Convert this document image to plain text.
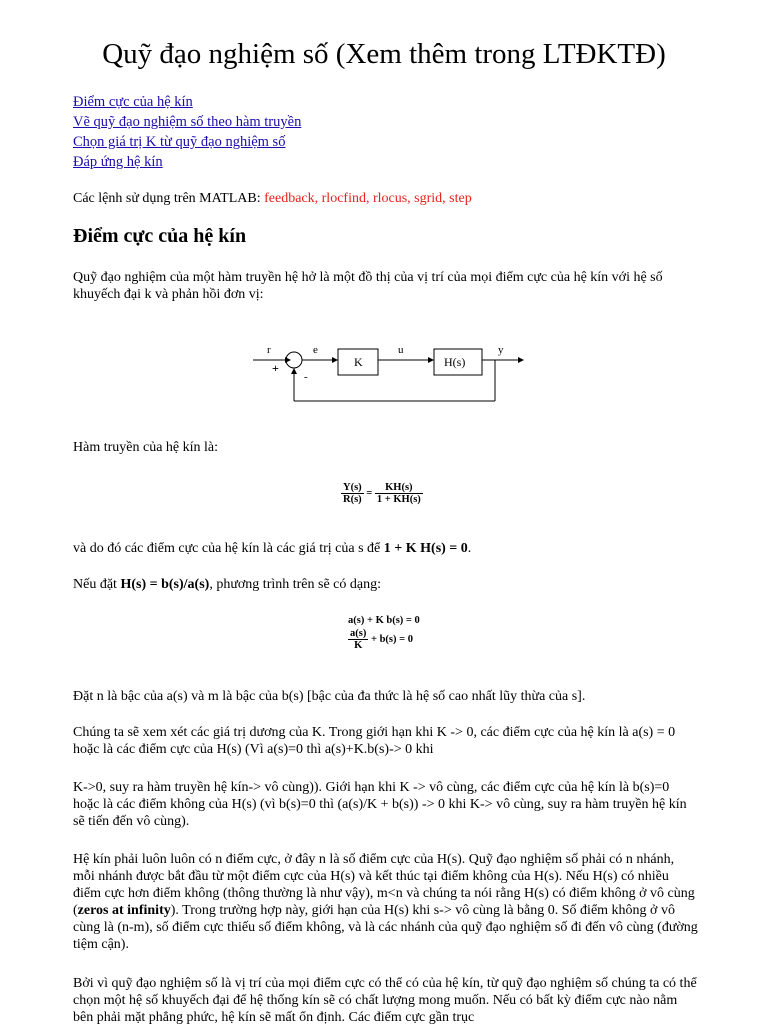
Quỹ đạo nghiệm số (Xem thêm trong LTĐKTĐ)
Điểm cực của hệ kín
Vẽ quỹ đạo nghiệm số theo hàm truyền
Chọn giá trị K từ quỹ đạo nghiệm số
Đáp ứng hệ kín
Các lệnh sử dụng trên MATLAB: feedback, rlocfind, rlocus, sgrid, step
Điểm cực của hệ kín
Quỹ đạo nghiệm của một hàm truyền hệ hở là một đồ thị của vị trí của mọi điểm cực của hệ kín với hệ số khuyếch đại k và phản hồi đơn vị:
r
+
-
e
K
u
H(s)
y
Hàm truyền của hệ kín là:
$\frac{Y(s)}{R(s)} = \frac{KH(s)}{1 + KH(s)}$
và do đó các điểm cực của hệ kín là các giá trị của s để 1 + K H(s) = 0.
Nếu đặt H(s) = b(s)/a(s), phương trình trên sẽ có dạng:
a(s) + K b(s) = 0
$\frac{a(s)}{K} + b(s) = 0$
Đặt n là bậc của a(s) và m là bậc của b(s) [bậc của đa thức là hệ số cao nhất lũy thừa của s].
Chúng ta sẽ xem xét các giá trị dương của K. Trong giới hạn khi K -> 0, các điểm cực của hệ kín là a(s) = 0 hoặc là các điểm cực của H(s) (Vì a(s)=0 thì a(s)+K.b(s)-> 0 khi
K->0, suy ra hàm truyền hệ kín-> vô cùng)). Giới hạn khi K -> vô cùng, các điểm cực của hệ kín là b(s)=0 hoặc là các điểm không của H(s) (vì b(s)=0 thì (a(s)/K + b(s)) -> 0 khi K-> vô cùng, suy ra hàm truyền hệ kín sẽ tiến đến vô cùng).
Hệ kín phải luôn luôn có n điểm cực, ở đây n là số điểm cực của H(s). Quỹ đạo nghiệm số phải có n nhánh, mỗi nhánh được bắt đầu từ một điểm cực của H(s) và kết thúc tại điểm không của H(s). Nếu H(s) có nhiều điểm cực hơn điểm không (thông thường là như vậy), m<n và chúng ta nói rằng H(s) có điểm không ở vô cùng (zeros at infinity). Trong trường hợp này, giới hạn của H(s) khi s-> vô cùng là bằng 0. Số điểm không ở vô cùng là (n-m), số điểm cực thiếu số điểm không, và là các nhánh của quỹ đạo nghiệm số đi đến vô cùng (đường tiệm cận).
Bởi vì quỹ đạo nghiệm số là vị trí của mọi điểm cực có thể có của hệ kín, từ quỹ đạo nghiệm số chúng ta có thể chọn một hệ số khuyếch đại để hệ thống kín sẽ có chất lượng mong muốn. Nếu có bất kỳ điểm cực nào nằm bên phải mặt phẳng phức, hệ kín sẽ mất ổn định. Các điểm cực gần trục
